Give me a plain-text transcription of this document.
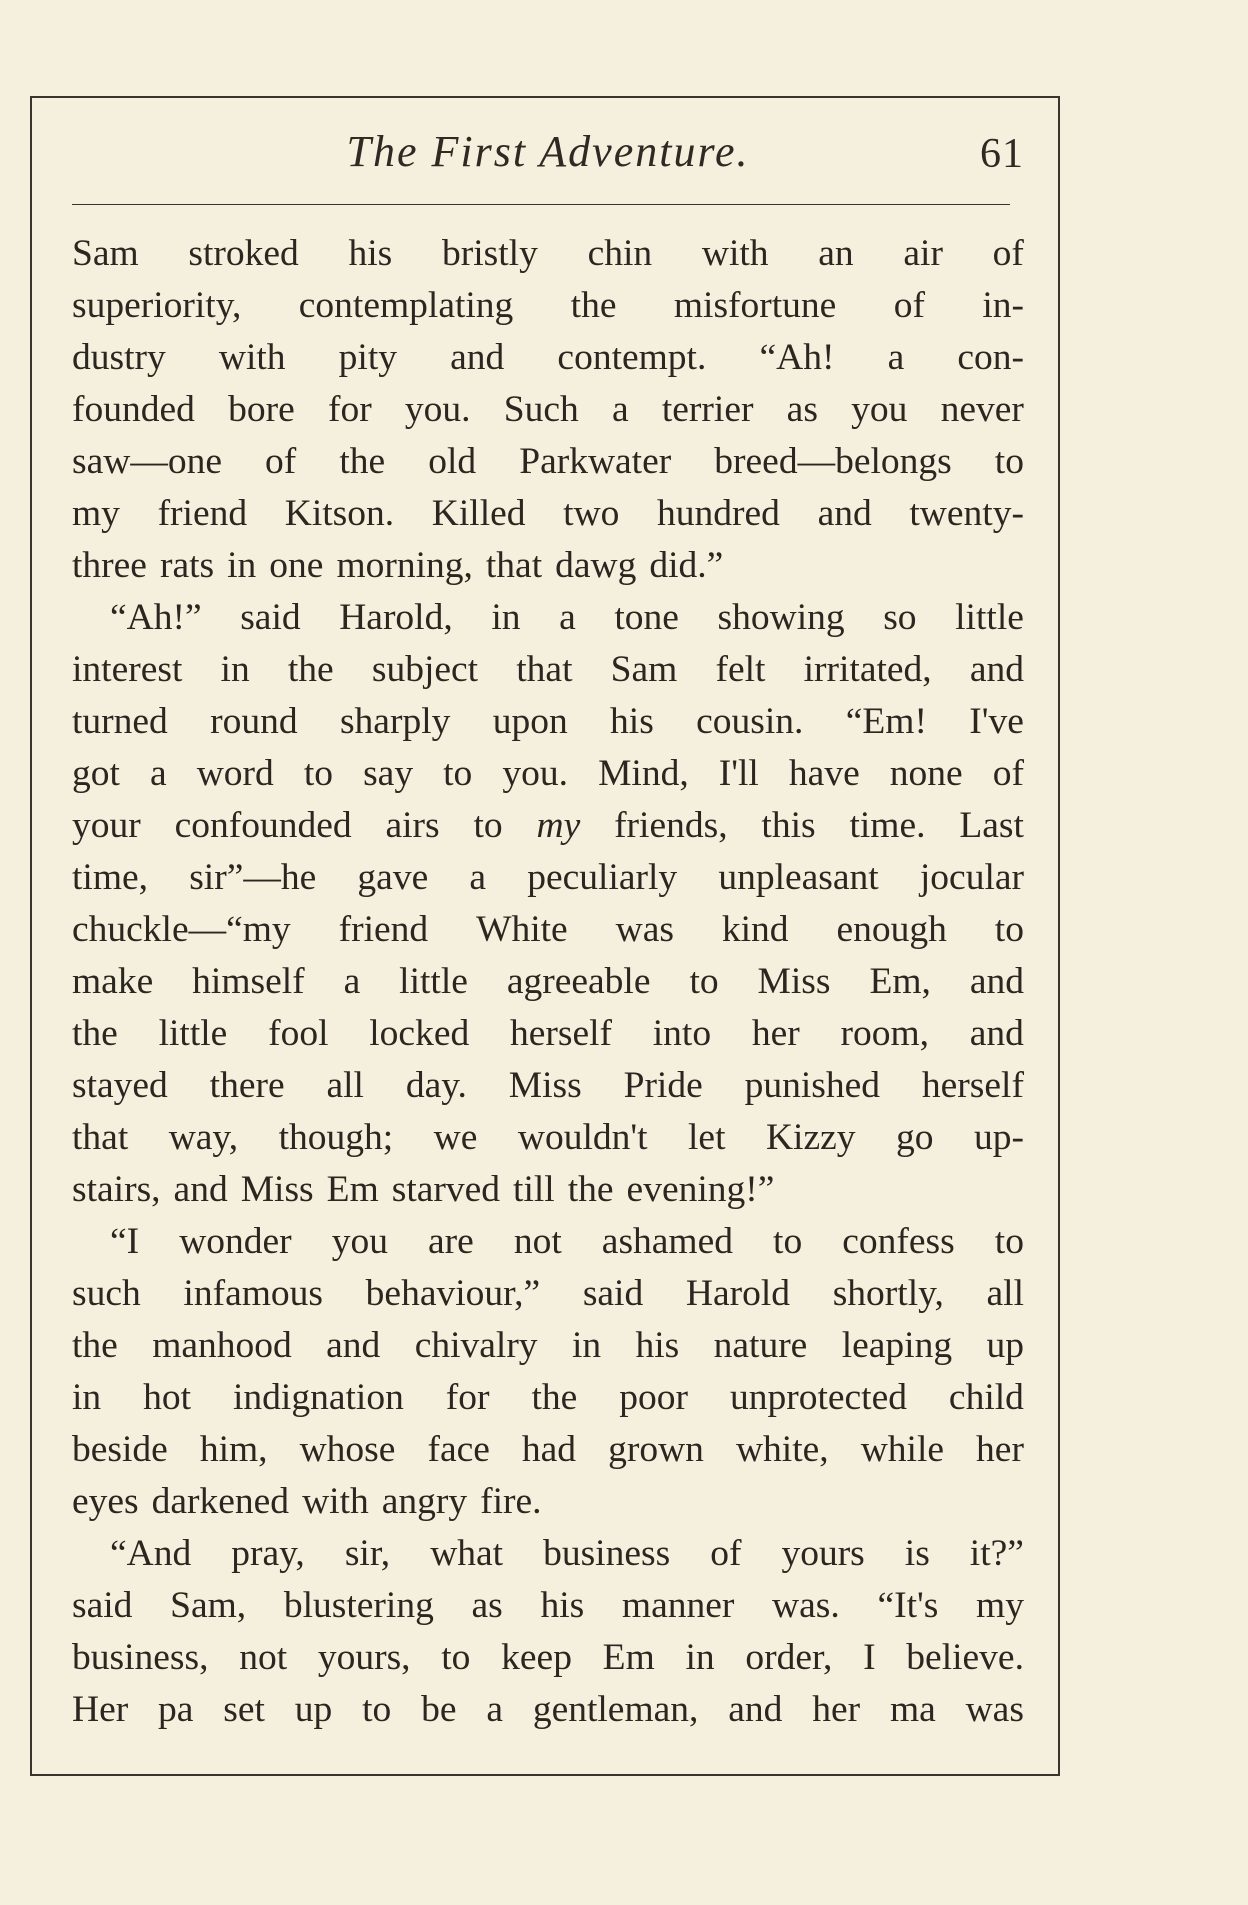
The First Adventure.	61
Sam stroked his bristly chin with an air of
superiority, contemplating the misfortune of in-
dustry with pity and contempt. “Ah! a con-
founded bore for you. Such a terrier as you never
saw—one of the old Parkwater breed—belongs to
my friend Kitson. Killed two hundred and twenty-
three rats in one morning, that dawg did.”
“Ah!” said Harold, in a tone showing so little
interest in the subject that Sam felt irritated, and
turned round sharply upon his cousin. “Em! I've
got a word to say to you. Mind, I'll have none of
your confounded airs to my friends, this time. Last
time, sir”—he gave a peculiarly unpleasant jocular
chuckle—“my friend White was kind enough to
make himself a little agreeable to Miss Em, and
the little fool locked herself into her room, and
stayed there all day. Miss Pride punished herself
that way, though; we wouldn't let Kizzy go up-
stairs, and Miss Em starved till the evening!”
“I wonder you are not ashamed to confess to
such infamous behaviour,” said Harold shortly, all
the manhood and chivalry in his nature leaping up
in hot indignation for the poor unprotected child
beside him, whose face had grown white, while her
eyes darkened with angry fire.
“And pray, sir, what business of yours is it?”
said Sam, blustering as his manner was. “It's my
business, not yours, to keep Em in order, I believe.
Her pa set up to be a gentleman, and her ma was
